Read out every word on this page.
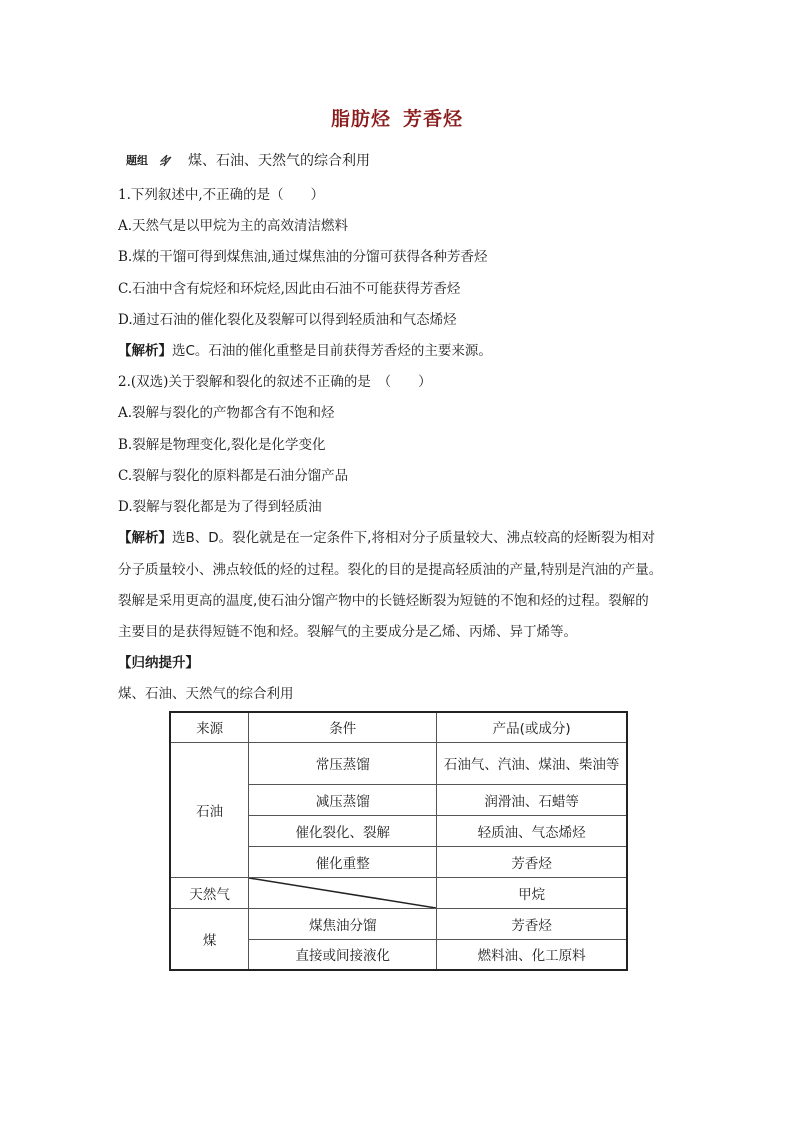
脂肪烃 芳香烃
题组	煤、石油、天然气的综合利用
1.下列叙述中,不正确的是（　　）
A.天然气是以甲烷为主的高效清洁燃料
B.煤的干馏可得到煤焦油,通过煤焦油的分馏可获得各种芳香烃
C.石油中含有烷烃和环烷烃,因此由石油不可能获得芳香烃
D.通过石油的催化裂化及裂解可以得到轻质油和气态烯烃
【解析】选C。石油的催化重整是目前获得芳香烃的主要来源。
2.(双选)关于裂解和裂化的叙述不正确的是　（　　）
A.裂解与裂化的产物都含有不饱和烃
B.裂解是物理变化,裂化是化学变化
C.裂解与裂化的原料都是石油分馏产品
D.裂解与裂化都是为了得到轻质油
【解析】选B、D。裂化就是在一定条件下,将相对分子质量较大、沸点较高的烃断裂为相对
分子质量较小、沸点较低的烃的过程。裂化的目的是提高轻质油的产量,特别是汽油的产量。
裂解是采用更高的温度,使石油分馏产物中的长链烃断裂为短链的不饱和烃的过程。裂解的
主要目的是获得短链不饱和烃。裂解气的主要成分是乙烯、丙烯、异丁烯等。
【归纳提升】
煤、石油、天然气的综合利用
来源	条件	产品(或成分)
石油	常压蒸馏	石油气、汽油、煤油、柴油等
	减压蒸馏	润滑油、石蜡等
	催化裂化、裂解	轻质油、气态烯烃
	催化重整	芳香烃
天然气		甲烷
煤	煤焦油分馏	芳香烃
	直接或间接液化	燃料油、化工原料
